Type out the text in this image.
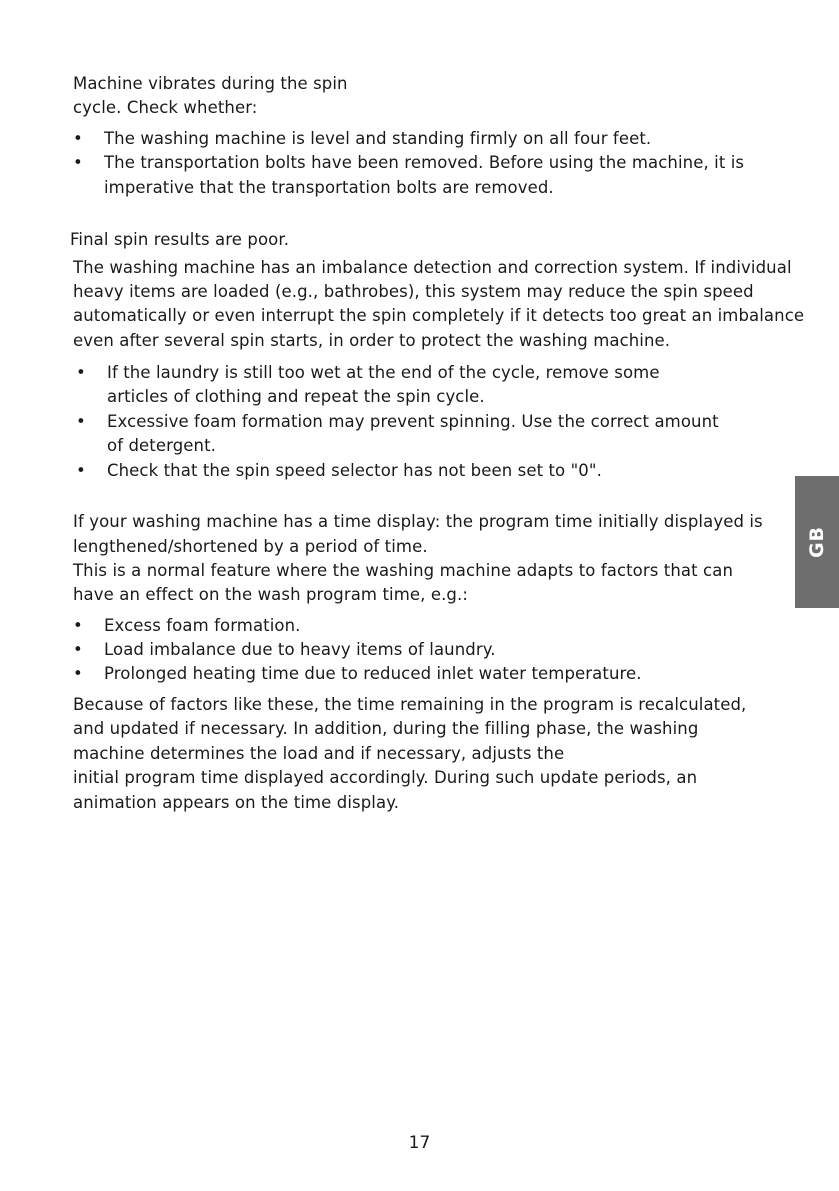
Machine vibrates during the spin

cycle. Check whether:

• The washing machine is level and standing firmly on all four feet.

• The transportation bolts have been removed. Before using the machine, it is

imperative that the transportation bolts are removed.

Final spin results are poor.

The washing machine has an imbalance detection and correction system. If individual

heavy items are loaded (e.g., bathrobes), this system may reduce the spin speed

automatically or even interrupt the spin completely if it detects too great an imbalance

even after several spin starts, in order to protect the washing machine.

• If the laundry is still too wet at the end of the cycle, remove some

articles of clothing and repeat the spin cycle.

• Excessive foam formation may prevent spinning. Use the correct amount

of detergent.

• Check that the spin speed selector has not been set to "0".

If your washing machine has a time display: the program time initially displayed is

lengthened/shortened by a period of time.

This is a normal feature where the washing machine adapts to factors that can

have an effect on the wash program time, e.g.:

• Excess foam formation.

• Load imbalance due to heavy items of laundry.

• Prolonged heating time due to reduced inlet water temperature.

Because of factors like these, the time remaining in the program is recalculated,

and updated if necessary. In addition, during the filling phase, the washing

machine determines the load and if necessary, adjusts the

initial program time displayed accordingly. During such update periods, an

animation appears on the time display.

GB

17
